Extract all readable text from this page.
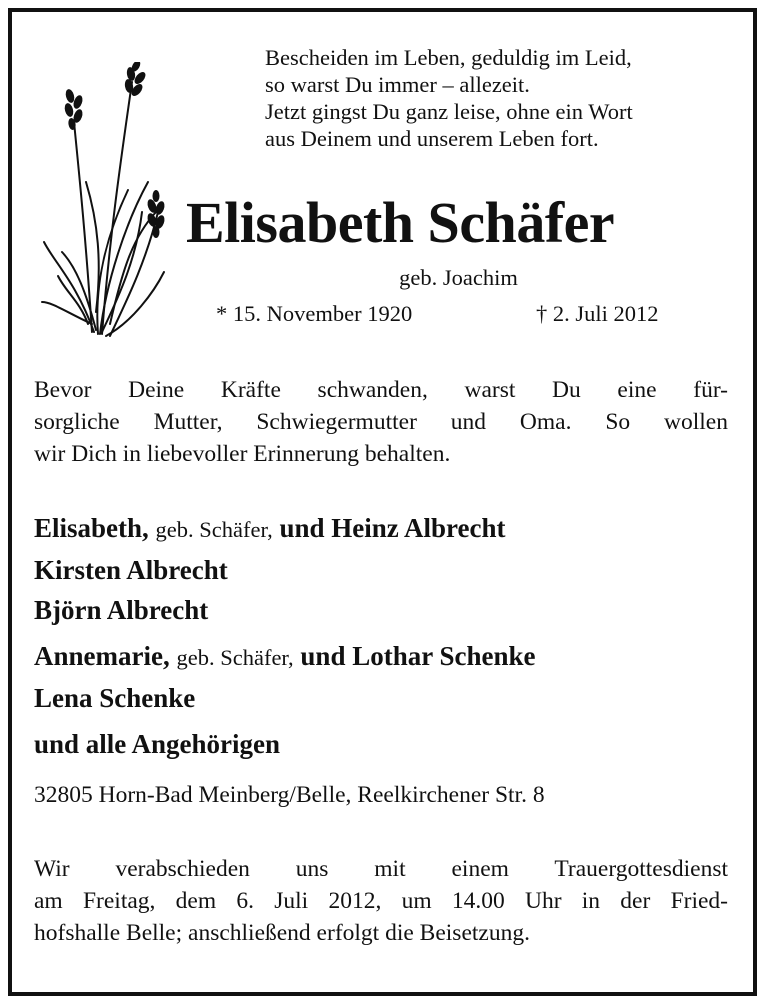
Bescheiden im Leben, geduldig im Leid,
so warst Du immer – allezeit.
Jetzt gingst Du ganz leise, ohne ein Wort
aus Deinem und unserem Leben fort.
Elisabeth Schäfer
geb. Joachim
* 15. November 1920	† 2. Juli 2012
Bevor Deine Kräfte schwanden, warst Du eine für-
sorgliche Mutter, Schwiegermutter und Oma. So wollen
wir Dich in liebevoller Erinnerung behalten.
Elisabeth, geb. Schäfer, und Heinz Albrecht
Kirsten Albrecht
Björn Albrecht
Annemarie, geb. Schäfer, und Lothar Schenke
Lena Schenke
und alle Angehörigen
32805 Horn-Bad Meinberg/Belle, Reelkirchener Str. 8
Wir verabschieden uns mit einem Trauergottesdienst
am Freitag, dem 6. Juli 2012, um 14.00 Uhr in der Fried-
hofshalle Belle; anschließend erfolgt die Beisetzung.
